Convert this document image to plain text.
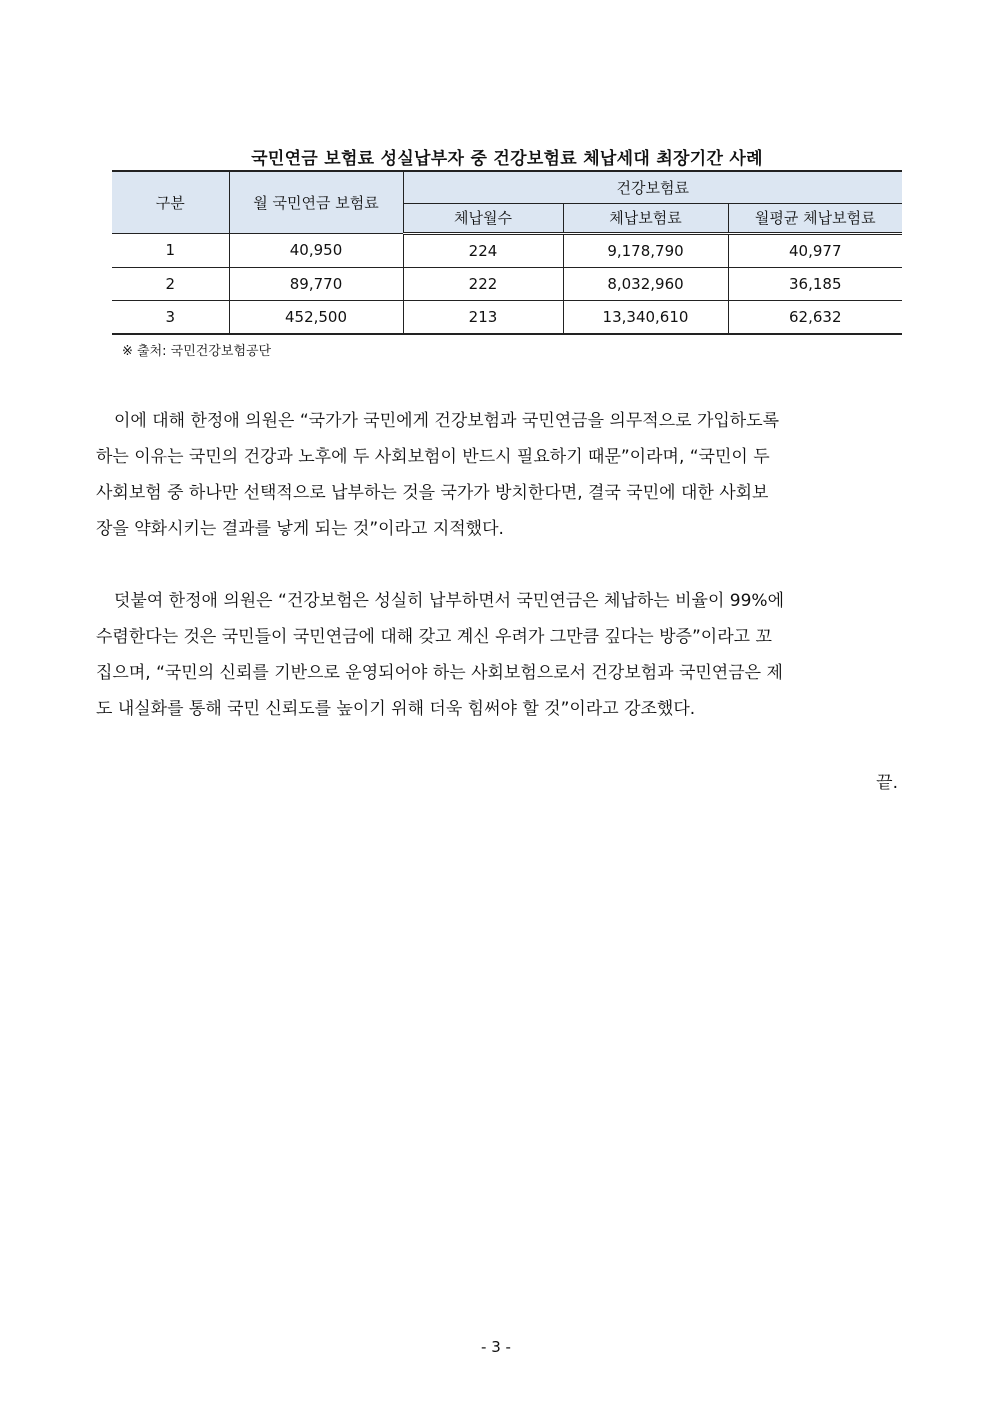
국민연금 보험료 성실납부자 중 건강보험료 체납세대 최장기간 사례
구분	월 국민연금 보험료	건강보험료		
		체납월수	체납보험료	월평균 체납보험료
1	40,950	224	9,178,790	40,977
2	89,770	222	8,032,960	36,185
3	452,500	213	13,340,610	62,632
※ 출처: 국민건강보험공단

이에 대해 한정애 의원은 “국가가 국민에게 건강보험과 국민연금을 의무적으로 가입하도록
하는 이유는 국민의 건강과 노후에 두 사회보험이 반드시 필요하기 때문”이라며, “국민이 두
사회보험 중 하나만 선택적으로 납부하는 것을 국가가 방치한다면, 결국 국민에 대한 사회보
장을 약화시키는 결과를 낳게 되는 것”이라고 지적했다.

덧붙여 한정애 의원은 “건강보험은 성실히 납부하면서 국민연금은 체납하는 비율이 99%에
수렴한다는 것은 국민들이 국민연금에 대해 갖고 계신 우려가 그만큼 깊다는 방증”이라고 꼬
집으며, “국민의 신뢰를 기반으로 운영되어야 하는 사회보험으로서 건강보험과 국민연금은 제
도 내실화를 통해 국민 신뢰도를 높이기 위해 더욱 힘써야 할 것”이라고 강조했다.

끝.
- 3 -
